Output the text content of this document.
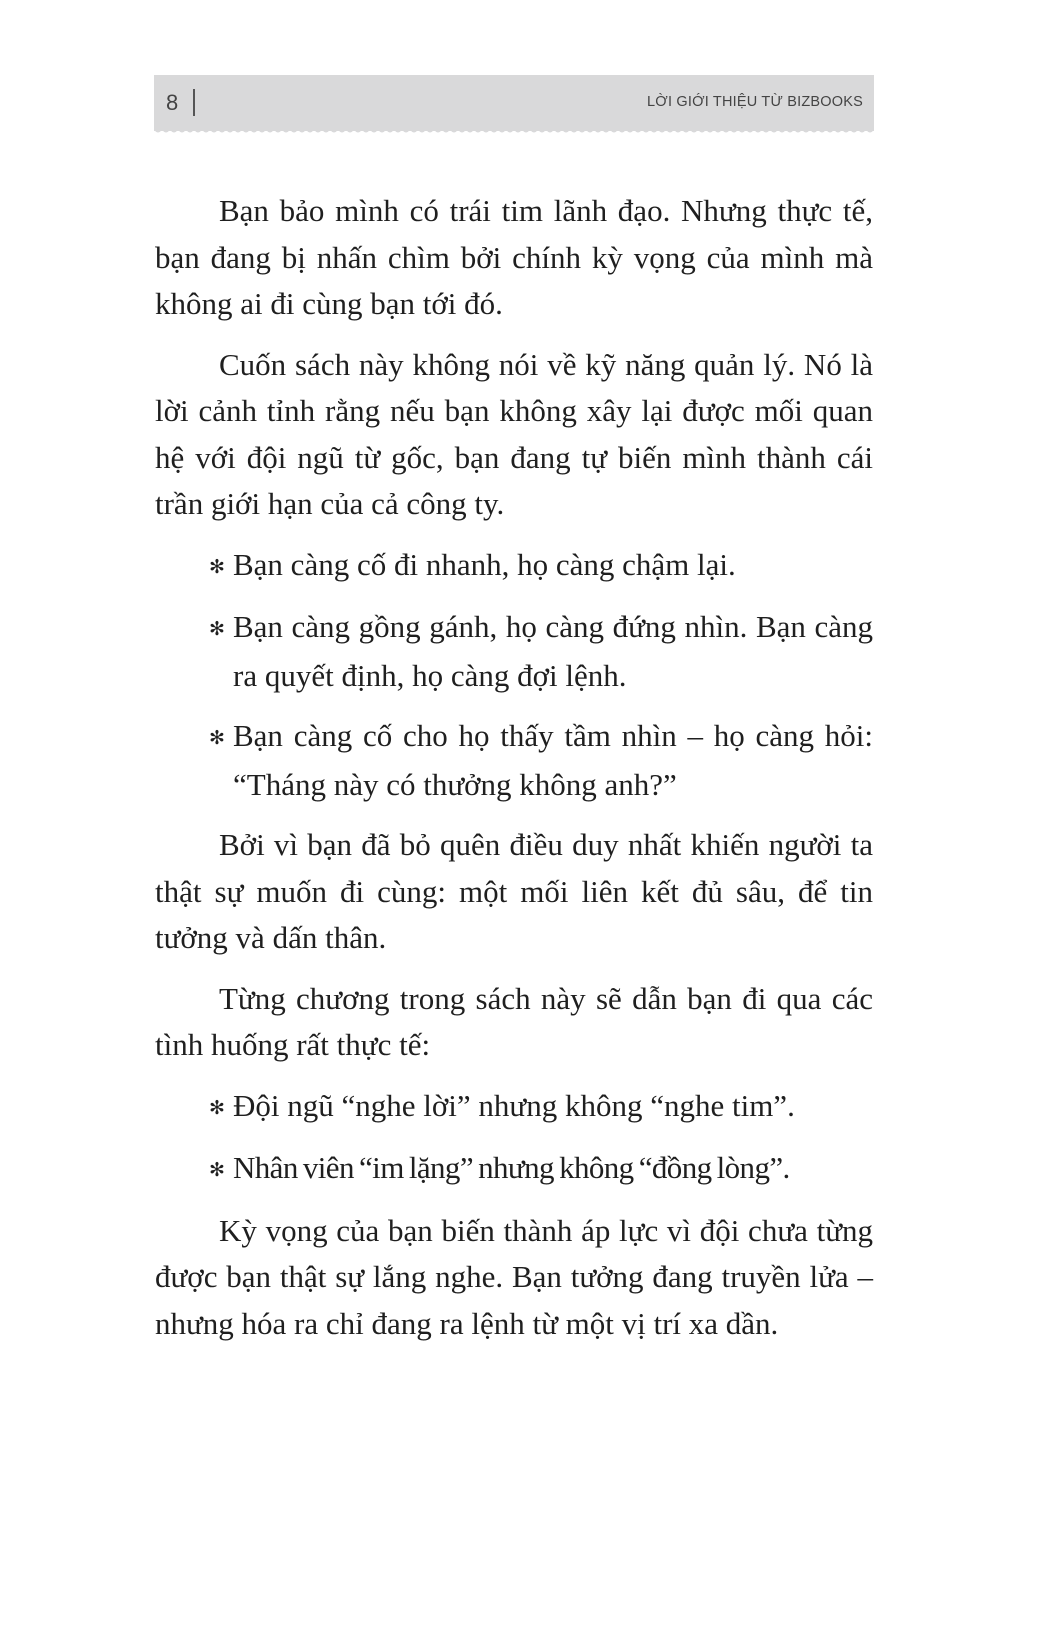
8	LỜI GIỚI THIỆU TỪ BIZBOOKS

Bạn bảo mình có trái tim lãnh đạo. Nhưng thực tế, bạn đang bị nhấn chìm bởi chính kỳ vọng của mình mà không ai đi cùng bạn tới đó.

Cuốn sách này không nói về kỹ năng quản lý. Nó là lời cảnh tỉnh rằng nếu bạn không xây lại được mối quan hệ với đội ngũ từ gốc, bạn đang tự biến mình thành cái trần giới hạn của cả công ty.

✻ Bạn càng cố đi nhanh, họ càng chậm lại.

✻ Bạn càng gồng gánh, họ càng đứng nhìn. Bạn càng ra quyết định, họ càng đợi lệnh.

✻ Bạn càng cố cho họ thấy tầm nhìn – họ càng hỏi: “Tháng này có thưởng không anh?”

Bởi vì bạn đã bỏ quên điều duy nhất khiến người ta thật sự muốn đi cùng: một mối liên kết đủ sâu, để tin tưởng và dấn thân.

Từng chương trong sách này sẽ dẫn bạn đi qua các tình huống rất thực tế:

✻ Đội ngũ “nghe lời” nhưng không “nghe tim”.

✻ Nhân viên “im lặng” nhưng không “đồng lòng”.

Kỳ vọng của bạn biến thành áp lực vì đội chưa từng được bạn thật sự lắng nghe. Bạn tưởng đang truyền lửa – nhưng hóa ra chỉ đang ra lệnh từ một vị trí xa dần.
